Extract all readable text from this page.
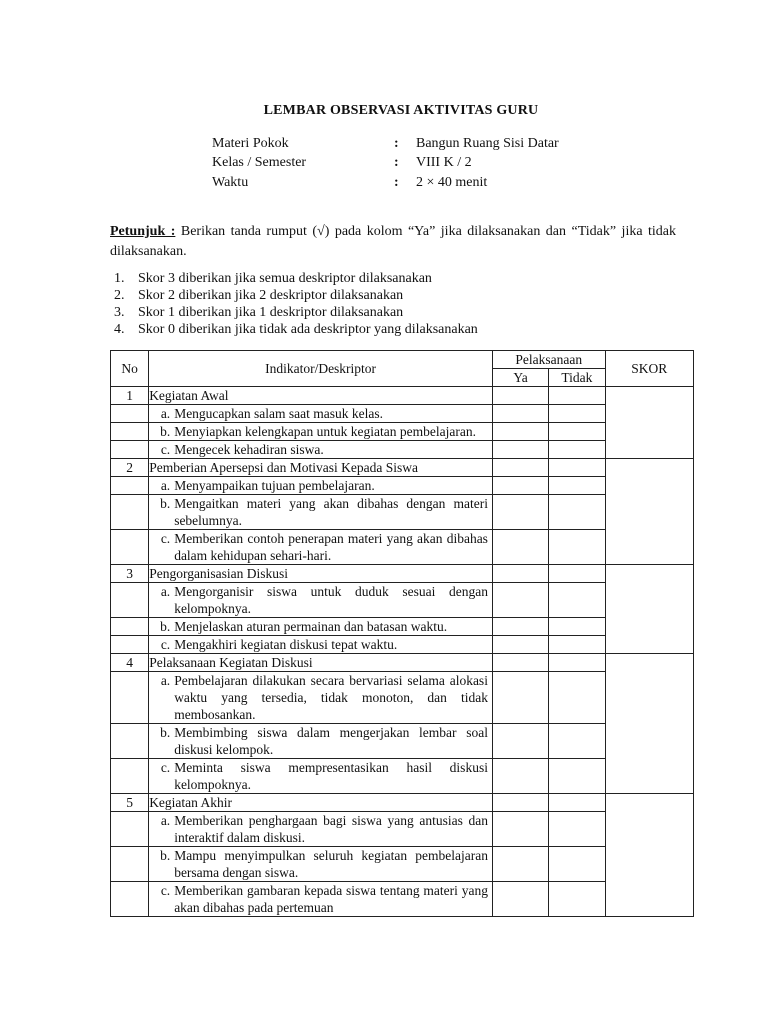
LEMBAR OBSERVASI AKTIVITAS GURU
Materi Pokok	:	Bangun Ruang Sisi Datar
Kelas / Semester	:	VIII K / 2
Waktu	:	2 × 40 menit
Petunjuk : Berikan tanda rumput (√) pada kolom “Ya” jika dilaksanakan dan “Tidak” jika tidak dilaksanakan.
1. Skor 3 diberikan jika semua deskriptor dilaksanakan
2. Skor 2 diberikan jika 2 deskriptor dilaksanakan
3. Skor 1 diberikan jika 1 deskriptor dilaksanakan
4. Skor 0 diberikan jika tidak ada deskriptor yang dilaksanakan
No	Indikator/Deskriptor	Pelaksanaan		SKOR
		Ya	Tidak	
1	Kegiatan Awal			

	a. Mengucapkan salam saat masuk kelas.			

	b. Menyiapkan kelengkapan untuk kegiatan pembelajaran.			

	c. Mengecek kehadiran siswa.			

2	Pemberian Apersepsi dan Motivasi Kepada Siswa			

	a. Menyampaikan tujuan pembelajaran.			

	b. Mengaitkan materi yang akan dibahas dengan materi sebelumnya.			

	c. Memberikan contoh penerapan materi yang akan dibahas dalam kehidupan sehari-hari.			

3	Pengorganisasian Diskusi			

	a. Mengorganisir siswa untuk duduk sesuai dengan kelompoknya.			

	b. Menjelaskan aturan permainan dan batasan waktu.			

	c. Mengakhiri kegiatan diskusi tepat waktu.			

4	Pelaksanaan Kegiatan Diskusi			

	a. Pembelajaran dilakukan secara bervariasi selama alokasi waktu yang tersedia, tidak monoton, dan tidak membosankan.			

	b. Membimbing siswa dalam mengerjakan lembar soal diskusi kelompok.			

	c. Meminta siswa mempresentasikan hasil diskusi kelompoknya.			

5	Kegiatan Akhir			

	a. Memberikan penghargaan bagi siswa yang antusias dan interaktif dalam diskusi.			

	b. Mampu menyimpulkan seluruh kegiatan pembelajaran bersama dengan siswa.			

	c. Memberikan gambaran kepada siswa tentang materi yang akan dibahas pada pertemuan			
